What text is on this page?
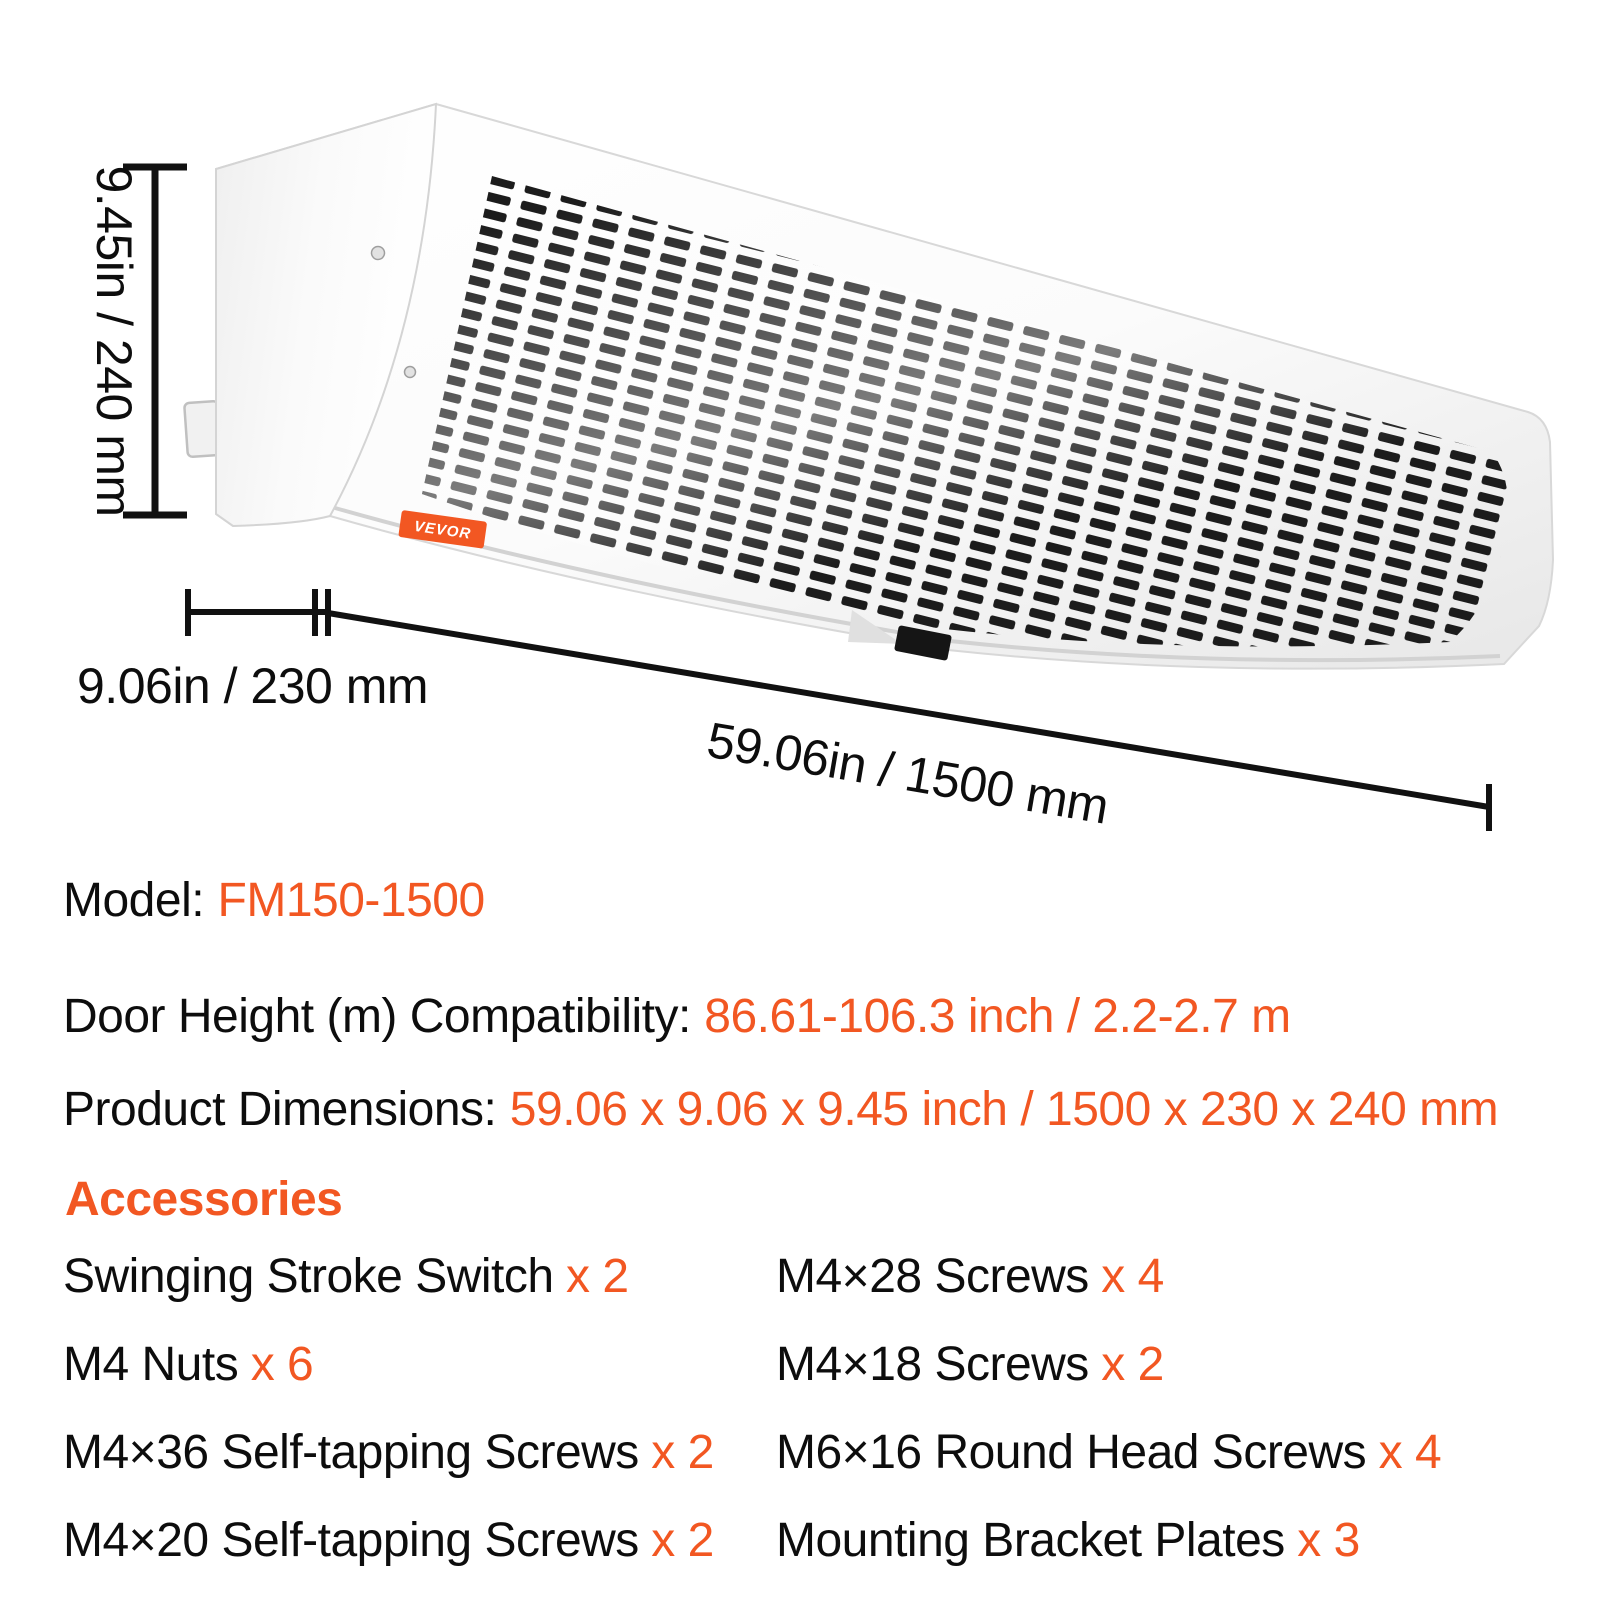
VEVOR
9.45in / 240 mm
9.06in / 230 mm
59.06in / 1500 mm
Model: FM150-1500
Door Height (m) Compatibility: 86.61-106.3 inch / 2.2-2.7 m
Product Dimensions: 59.06 x 9.06 x 9.45 inch / 1500 x 230 x 240 mm
Accessories
Swinging Stroke Switch x 2	M4×28 Screws x 4
M4 Nuts x 6	M4×18 Screws x 2
M4×36 Self-tapping Screws x 2	M6×16 Round Head Screws x 4
M4×20 Self-tapping Screws x 2	Mounting Bracket Plates x 3
